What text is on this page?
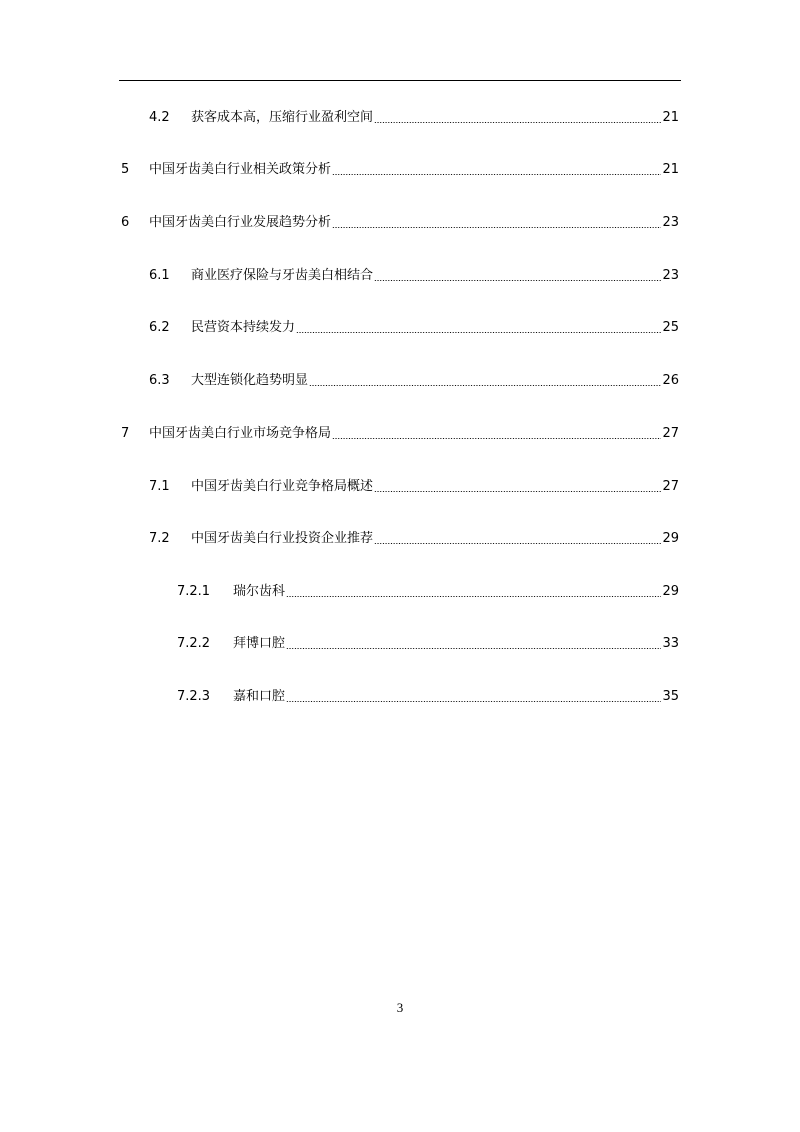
4.2	获客成本高，压缩行业盈利空间	21
5	中国牙齿美白行业相关政策分析	21
6	中国牙齿美白行业发展趋势分析	23
6.1	商业医疗保险与牙齿美白相结合	23
6.2	民营资本持续发力	25
6.3	大型连锁化趋势明显	26
7	中国牙齿美白行业市场竞争格局	27
7.1	中国牙齿美白行业竞争格局概述	27
7.2	中国牙齿美白行业投资企业推荐	29
7.2.1	瑞尔齿科	29
7.2.2	拜博口腔	33
7.2.3	嘉和口腔	35
3
